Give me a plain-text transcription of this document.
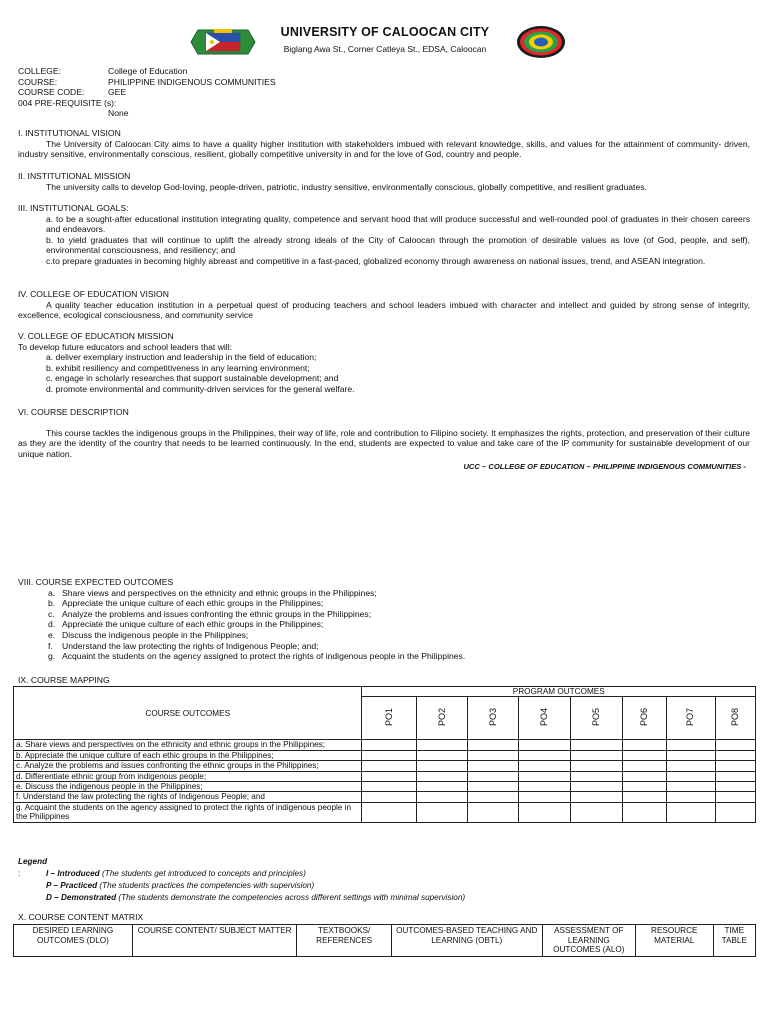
UNIVERSITY OF CALOOCAN CITY
Biglang Awa St., Corner Catleya St., EDSA, Caloocan
COLLEGE:	College of Education
COURSE:	PHILIPPINE INDIGENOUS COMMUNITIES
COURSE CODE:	GEE
004 PRE-REQUISITE (s):
None
I. INSTITUTIONAL VISION
The University of Caloocan City aims to have a quality higher institution with stakeholders imbued with relevant knowledge, skills, and values for the attainment of community- driven, industry sensitive, environmentally conscious, resilient, globally competitive university in and for the love of God, country and people.
II. INSTITUTIONAL MISSION
The university calls to develop God-loving, people-driven, patriotic, industry sensitive, environmentally conscious, globally competitive, and resilient graduates.
III. INSTITUTIONAL GOALS:
a. to be a sought-after educational institution integrating quality, competence and servant hood that will produce successful and well-rounded pool of graduates in their chosen careers and endeavors.
b. to yield graduates that will continue to uplift the already strong ideals of the City of Caloocan through the promotion of desirable values as love (of God, people, and self), environmental consciousness, and resiliency; and
c.to prepare graduates in becoming highly abreast and competitive in a fast-paced, globalized economy through awareness on national issues, trend, and ASEAN integration.
IV. COLLEGE OF EDUCATION VISION
A quality teacher education institution in a perpetual quest of producing teachers and school leaders imbued with character and intellect and guided by strong sense of integrity, excellence, ecological consciousness, and community service
V. COLLEGE OF EDUCATION MISSION
To develop future educators and school leaders that will:
a. deliver exemplary instruction and leadership in the field of education;
b. exhibit resiliency and competitiveness in any learning environment;
c. engage in scholarly researches that support sustainable development; and
d. promote environmental and community-driven services for the general welfare.
VI. COURSE DESCRIPTION
This course tackles the indigenous groups in the Philippines, their way of life, role and contribution to Filipino society. It emphasizes the rights, protection, and preservation of their culture as they are the identity of the country that needs to be learned continuously. In the end, students are expected to value and take care of the IP community for sustainable development of our unique nation.
UCC – COLLEGE OF EDUCATION – PHILIPPINE INDIGENOUS COMMUNITIES -
VIII. COURSE EXPECTED OUTCOMES
a. Share views and perspectives on the ethnicity and ethnic groups in the Philippines;
b. Appreciate the unique culture of each ethic groups in the Philippines;
c. Analyze the problems and issues confronting the ethnic groups in the Philippines;
d. Appreciate the unique culture of each ethic groups in the Philippines;
e. Discuss the indigenous people in the Philippines;
f. Understand the law protecting the rights of Indigenous People; and;
g. Acquaint the students on the agency assigned to protect the rights of indigenous people in the Philippines.
IX. COURSE MAPPING
COURSE OUTCOMES	PROGRAM OUTCOMES							
	PO1	PO2	PO3	PO4	PO5	PO6	PO7	PO8
a. Share views and perspectives on the ethnicity and ethnic groups in the Philippines;								
b. Appreciate the unique culture of each ethic groups in the Philippines;								
c. Analyze the problems and issues confronting the ethnic groups in the Philippines;								
d. Differentiate ethnic group from indigenous people;								
e. Discuss the indigenous people in the Philippines;								
f. Understand the law protecting the rights of Indigenous People; and								
g. Acquaint the students on the agency assigned to protect the rights of indigenous people in the Philippines								
Legend
:	I – Introduced (The students get introduced to concepts and principles)
P – Practiced (The students practices the competencies with supervision)
D – Demonstrated (The students demonstrate the competencies across different settings with minimal supervision)
X. COURSE CONTENT MATRIX
DESIRED LEARNING OUTCOMES (DLO)	COURSE CONTENT/ SUBJECT MATTER	TEXTBOOKS/ REFERENCES	OUTCOMES-BASED TEACHING AND LEARNING (OBTL)	ASSESSMENT OF LEARNING OUTCOMES (ALO)	RESOURCE MATERIAL	TIME TABLE
